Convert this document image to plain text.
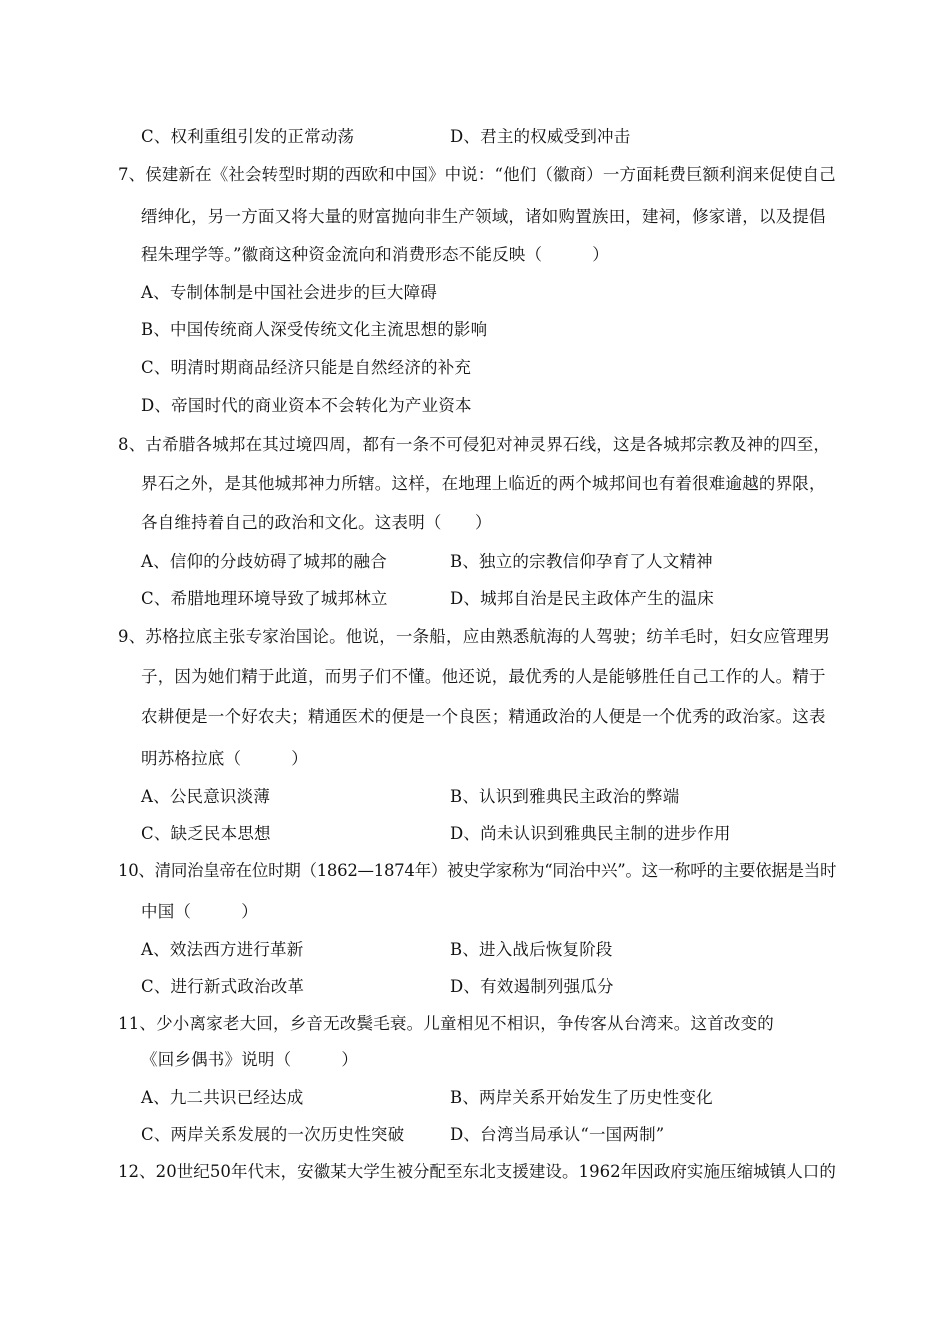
C、权利重组引发的正常动荡	D、君主的权威受到冲击
7、侯建新在《社会转型时期的西欧和中国》中说：“他们（徽商）一方面耗费巨额利润来促使自己
缙绅化，另一方面又将大量的财富抛向非生产领域，诸如购置族田，建祠，修家谱，以及提倡
程朱理学等。”徽商这种资金流向和消费形态不能反映（　　　）
A、专制体制是中国社会进步的巨大障碍
B、中国传统商人深受传统文化主流思想的影响
C、明清时期商品经济只能是自然经济的补充
D、帝国时代的商业资本不会转化为产业资本
8、古希腊各城邦在其过境四周，都有一条不可侵犯对神灵界石线，这是各城邦宗教及神的四至，
界石之外，是其他城邦神力所辖。这样，在地理上临近的两个城邦间也有着很难逾越的界限，
各自维持着自己的政治和文化。这表明（　　）
A、信仰的分歧妨碍了城邦的融合	B、独立的宗教信仰孕育了人文精神
C、希腊地理环境导致了城邦林立	D、城邦自治是民主政体产生的温床
9、苏格拉底主张专家治国论。他说，一条船，应由熟悉航海的人驾驶；纺羊毛时，妇女应管理男
子，因为她们精于此道，而男子们不懂。他还说，最优秀的人是能够胜任自己工作的人。精于
农耕便是一个好农夫；精通医术的便是一个良医；精通政治的人便是一个优秀的政治家。这表
明苏格拉底（　　　）
A、公民意识淡薄	B、认识到雅典民主政治的弊端
C、缺乏民本思想	D、尚未认识到雅典民主制的进步作用
10、清同治皇帝在位时期（1862—1874年）被史学家称为“同治中兴”。这一称呼的主要依据是当时
中国（　　　）
A、效法西方进行革新	B、进入战后恢复阶段
C、进行新式政治改革	D、有效遏制列强瓜分
11、少小离家老大回，乡音无改鬓毛衰。儿童相见不相识，争传客从台湾来。这首改变的
《回乡偶书》说明（　　　）
A、九二共识已经达成	B、两岸关系开始发生了历史性变化
C、两岸关系发展的一次历史性突破	D、台湾当局承认“一国两制”
12、20世纪50年代末，安徽某大学生被分配至东北支援建设。1962年因政府实施压缩城镇人口的
